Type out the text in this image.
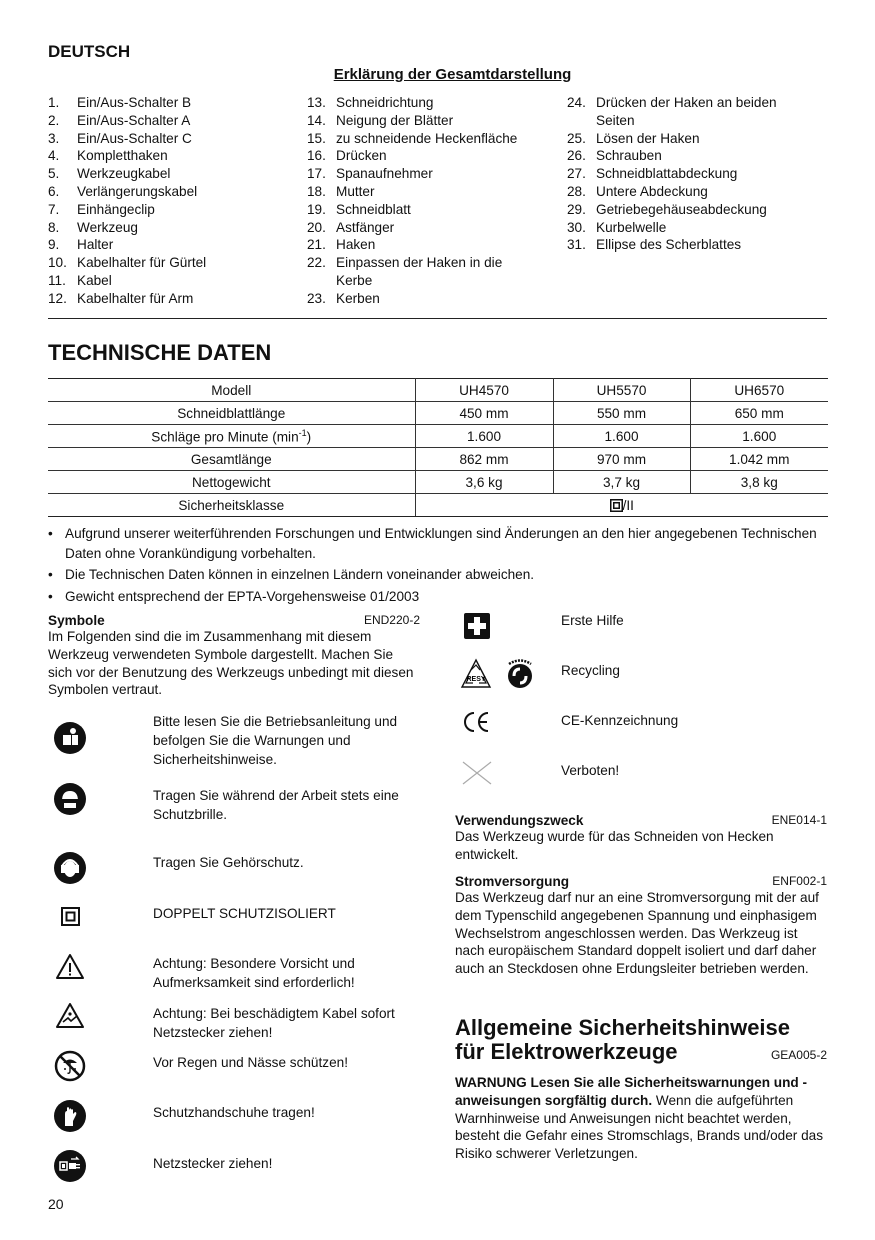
DEUTSCH
Erklärung der Gesamtdarstellung
1.	Ein/Aus-Schalter B
2.	Ein/Aus-Schalter A
3.	Ein/Aus-Schalter C
4.	Kompletthaken
5.	Werkzeugkabel
6.	Verlängerungskabel
7.	Einhängeclip
8.	Werkzeug
9.	Halter
10. Kabelhalter für Gürtel
11. Kabel
12. Kabelhalter für Arm
13. Schneidrichtung
14. Neigung der Blätter
15. zu schneidende Heckenfläche
16. Drücken
17. Spanaufnehmer
18. Mutter
19. Schneidblatt
20. Astfänger
21. Haken
22. Einpassen der Haken in die
Kerbe
23. Kerben
24. Drücken der Haken an beiden
Seiten
25. Lösen der Haken
26. Schrauben
27. Schneidblattabdeckung
28. Untere Abdeckung
29. Getriebegehäuseabdeckung
30. Kurbelwelle
31. Ellipse des Scherblattes
TECHNISCHE DATEN
Modell	UH4570	UH5570	UH6570
Schneidblattlänge	450 mm	550 mm	650 mm
Schläge pro Minute $(\min^{-1})$	1.600	1.600	1.600
Gesamtlänge	862 mm	970 mm	1.042 mm
Nettogewicht	3,6 kg	3,7 kg	3,8 kg
Sicherheitsklasse	/II		
• Aufgrund unserer weiterführenden Forschungen und Entwicklungen sind Änderungen an den hier angegebenen Technischen Daten ohne Vorankündigung vorbehalten.
• Die Technischen Daten können in einzelnen Ländern voneinander abweichen.
• Gewicht entsprechend der EPTA-Vorgehensweise 01/2003
Symbole	END220-2
Im Folgenden sind die im Zusammenhang mit diesem Werkzeug verwendeten Symbole dargestellt. Machen Sie sich vor der Benutzung des Werkzeugs unbedingt mit diesen Symbolen vertraut.
Bitte lesen Sie die Betriebsanleitung und befolgen Sie die Warnungen und Sicherheitshinweise.
Tragen Sie während der Arbeit stets eine Schutzbrille.
Tragen Sie Gehörschutz.
DOPPELT SCHUTZISOLIERT
Achtung: Besondere Vorsicht und Aufmerksamkeit sind erforderlich!
Achtung: Bei beschädigtem Kabel sofort Netzstecker ziehen!
Vor Regen und Nässe schützen!
Schutzhandschuhe tragen!
Netzstecker ziehen!
Erste Hilfe
RESY
Recycling
CE-Kennzeichnung
Verboten!
Verwendungszweck	ENE014-1
Das Werkzeug wurde für das Schneiden von Hecken entwickelt.
Stromversorgung	ENF002-1
Das Werkzeug darf nur an eine Stromversorgung mit der auf dem Typenschild angegebenen Spannung und einphasigem Wechselstrom angeschlossen werden. Das Werkzeug ist nach europäischem Standard doppelt isoliert und darf daher auch an Steckdosen ohne Erdungsleiter betrieben werden.
Allgemeine Sicherheitshinweise
für Elektrowerkzeuge	GEA005-2
WARNUNG Lesen Sie alle Sicherheitswarnungen und -anweisungen sorgfältig durch. Wenn die aufgeführten Warnhinweise und Anweisungen nicht beachtet werden, besteht die Gefahr eines Stromschlags, Brands und/oder das Risiko schwerer Verletzungen.
20
